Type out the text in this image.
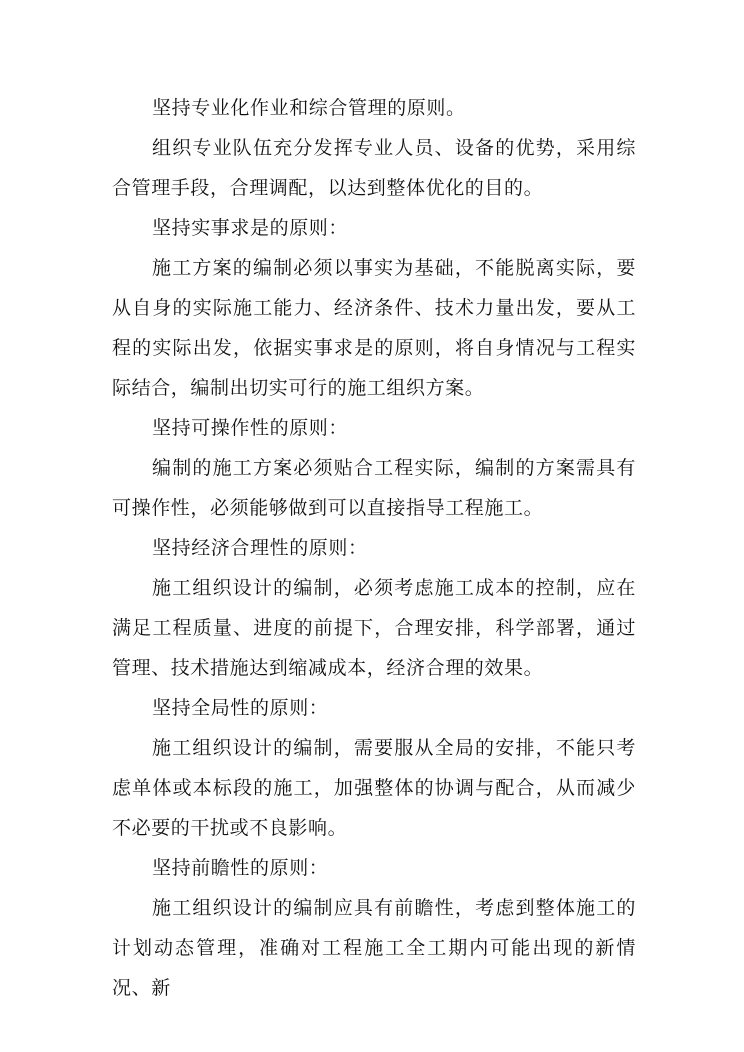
坚持专业化作业和综合管理的原则。

组织专业队伍充分发挥专业人员、设备的优势，采用综合管理手段，合理调配，以达到整体优化的目的。

坚持实事求是的原则：

施工方案的编制必须以事实为基础，不能脱离实际，要从自身的实际施工能力、经济条件、技术力量出发，要从工程的实际出发，依据实事求是的原则，将自身情况与工程实际结合，编制出切实可行的施工组织方案。

坚持可操作性的原则：

编制的施工方案必须贴合工程实际，编制的方案需具有可操作性，必须能够做到可以直接指导工程施工。

坚持经济合理性的原则：

施工组织设计的编制，必须考虑施工成本的控制，应在满足工程质量、进度的前提下，合理安排，科学部署，通过管理、技术措施达到缩减成本，经济合理的效果。

坚持全局性的原则：

施工组织设计的编制，需要服从全局的安排，不能只考虑单体或本标段的施工，加强整体的协调与配合，从而减少不必要的干扰或不良影响。

坚持前瞻性的原则：

施工组织设计的编制应具有前瞻性，考虑到整体施工的计划动态管理，准确对工程施工全工期内可能出现的新情况、新
